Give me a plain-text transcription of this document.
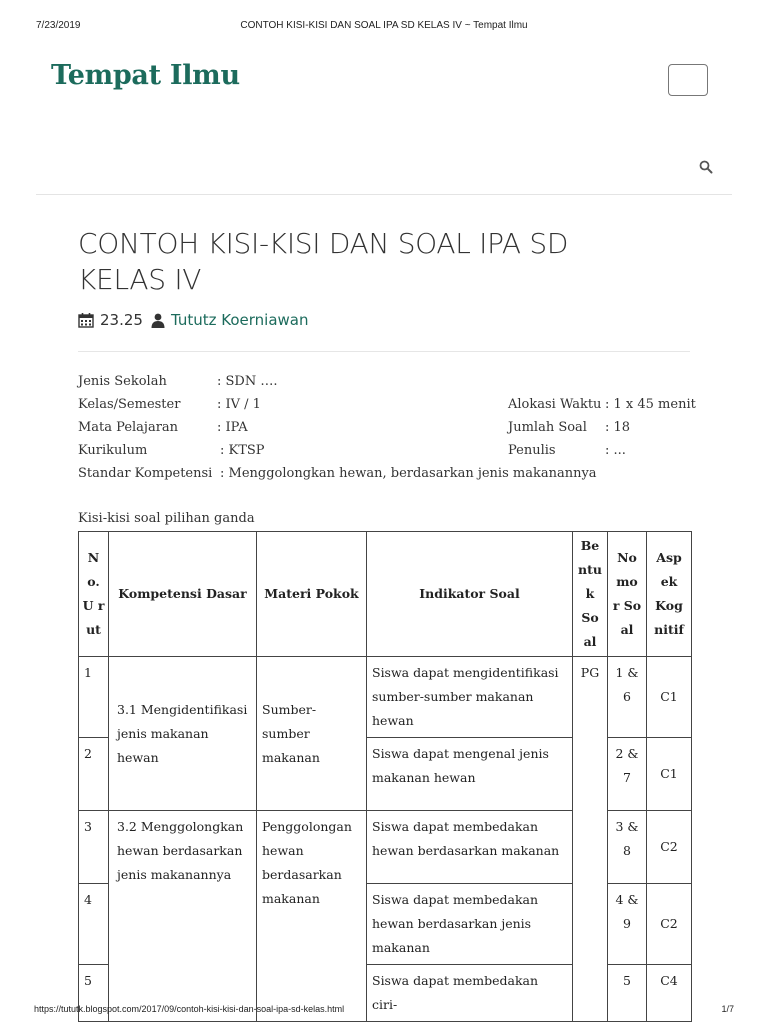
7/23/2019	CONTOH KISI-KISI DAN SOAL IPA SD KELAS IV ~ Tempat Ilmu
Tempat Ilmu
CONTOH KISI-KISI DAN SOAL IPA SD KELAS IV
23.25 Tututz Koerniawan
Jenis Sekolah	: SDN ….
Kelas/Semester	: IV / 1
Mata Pelajaran	: IPA
Kurikulum	: KTSP
Standar Kompetensi : Menggolongkan hewan, berdasarkan jenis makanannya
Alokasi Waktu : 1 x 45 menit
Jumlah Soal : 18
Penulis	: ...
Kisi-kisi soal pilihan ganda
N o. U r ut	Kompetensi Dasar	Materi Pokok	Indikator Soal	Be ntu k So al	No mo r So al	Asp ek Kog nitif
1	3.1 Mengidentifikasi jenis makanan hewan	Sumber-sumber makanan	Siswa dapat mengidentifikasi sumber-sumber makanan hewan	PG	1 & 6	C1
2			Siswa dapat mengenal jenis makanan hewan		2 & 7	C1
3	3.2 Menggolongkan hewan berdasarkan jenis makanannya	Penggolongan hewan berdasarkan makanan	Siswa dapat membedakan hewan berdasarkan makanan		3 & 8	C2
4			Siswa dapat membedakan hewan berdasarkan jenis makanan		4 & 9	C2
5			Siswa dapat membedakan ciri-		5	C4
https://tututk.blogspot.com/2017/09/contoh-kisi-kisi-dan-soal-ipa-sd-kelas.html	1/7
